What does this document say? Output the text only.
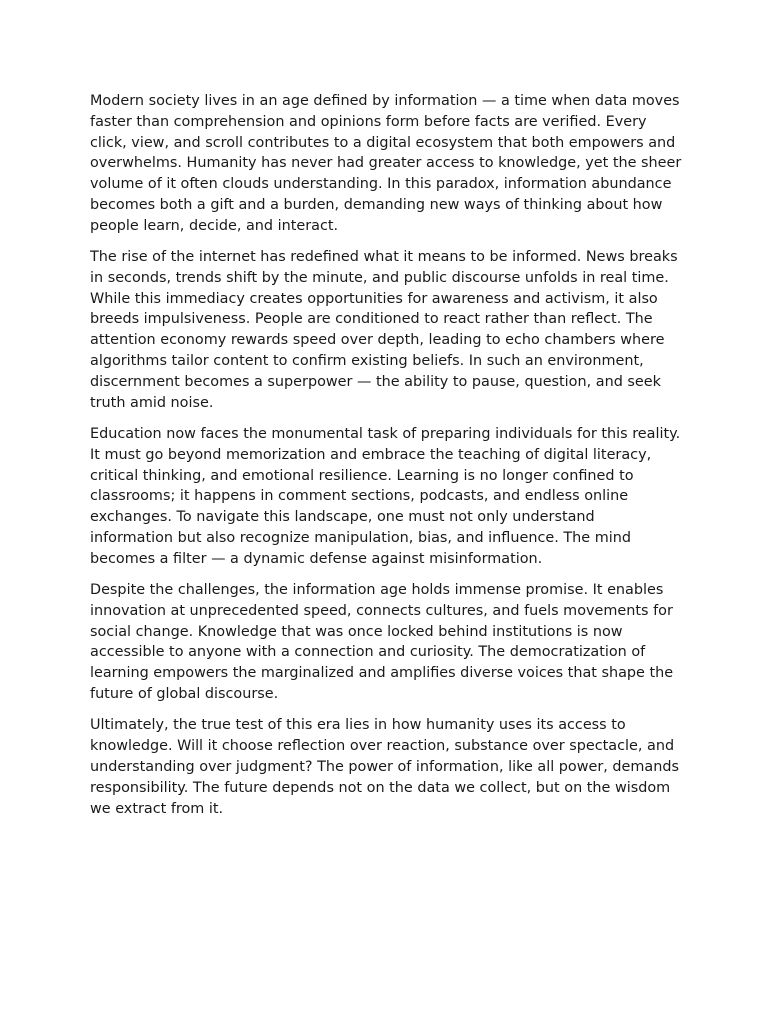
Modern society lives in an age defined by information — a time when data moves faster than comprehension and opinions form before facts are verified. Every click, view, and scroll contributes to a digital ecosystem that both empowers and overwhelms. Humanity has never had greater access to knowledge, yet the sheer volume of it often clouds understanding. In this paradox, information abundance becomes both a gift and a burden, demanding new ways of thinking about how people learn, decide, and interact.

The rise of the internet has redefined what it means to be informed. News breaks in seconds, trends shift by the minute, and public discourse unfolds in real time. While this immediacy creates opportunities for awareness and activism, it also breeds impulsiveness. People are conditioned to react rather than reflect. The attention economy rewards speed over depth, leading to echo chambers where algorithms tailor content to confirm existing beliefs. In such an environment, discernment becomes a superpower — the ability to pause, question, and seek truth amid noise.

Education now faces the monumental task of preparing individuals for this reality. It must go beyond memorization and embrace the teaching of digital literacy, critical thinking, and emotional resilience. Learning is no longer confined to classrooms; it happens in comment sections, podcasts, and endless online exchanges. To navigate this landscape, one must not only understand information but also recognize manipulation, bias, and influence. The mind becomes a filter — a dynamic defense against misinformation.

Despite the challenges, the information age holds immense promise. It enables innovation at unprecedented speed, connects cultures, and fuels movements for social change. Knowledge that was once locked behind institutions is now accessible to anyone with a connection and curiosity. The democratization of learning empowers the marginalized and amplifies diverse voices that shape the future of global discourse.

Ultimately, the true test of this era lies in how humanity uses its access to knowledge. Will it choose reflection over reaction, substance over spectacle, and understanding over judgment? The power of information, like all power, demands responsibility. The future depends not on the data we collect, but on the wisdom we extract from it.
